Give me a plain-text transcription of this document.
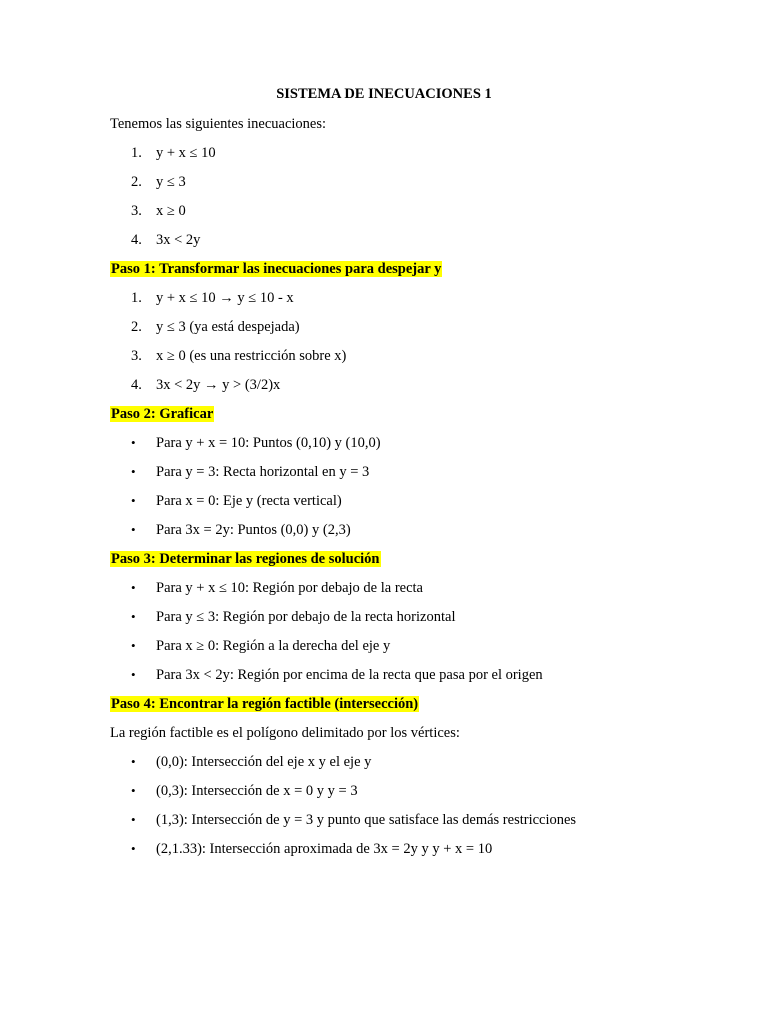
SISTEMA DE INECUACIONES 1
Tenemos las siguientes inecuaciones:
1. y + x ≤ 10
2. y ≤ 3
3. x ≥ 0
4. 3x < 2y
Paso 1: Transformar las inecuaciones para despejar y
1. y + x ≤ 10 → y ≤ 10 - x
2. y ≤ 3 (ya está despejada)
3. x ≥ 0 (es una restricción sobre x)
4. 3x < 2y → y > (3/2)x
Paso 2: Graficar
• Para y + x = 10: Puntos (0,10) y (10,0)
• Para y = 3: Recta horizontal en y = 3
• Para x = 0: Eje y (recta vertical)
• Para 3x = 2y: Puntos (0,0) y (2,3)
Paso 3: Determinar las regiones de solución
• Para y + x ≤ 10: Región por debajo de la recta
• Para y ≤ 3: Región por debajo de la recta horizontal
• Para x ≥ 0: Región a la derecha del eje y
• Para 3x < 2y: Región por encima de la recta que pasa por el origen
Paso 4: Encontrar la región factible (intersección)
La región factible es el polígono delimitado por los vértices:
• (0,0): Intersección del eje x y el eje y
• (0,3): Intersección de x = 0 y y = 3
• (1,3): Intersección de y = 3 y punto que satisface las demás restricciones
• (2,1.33): Intersección aproximada de 3x = 2y y y + x = 10
